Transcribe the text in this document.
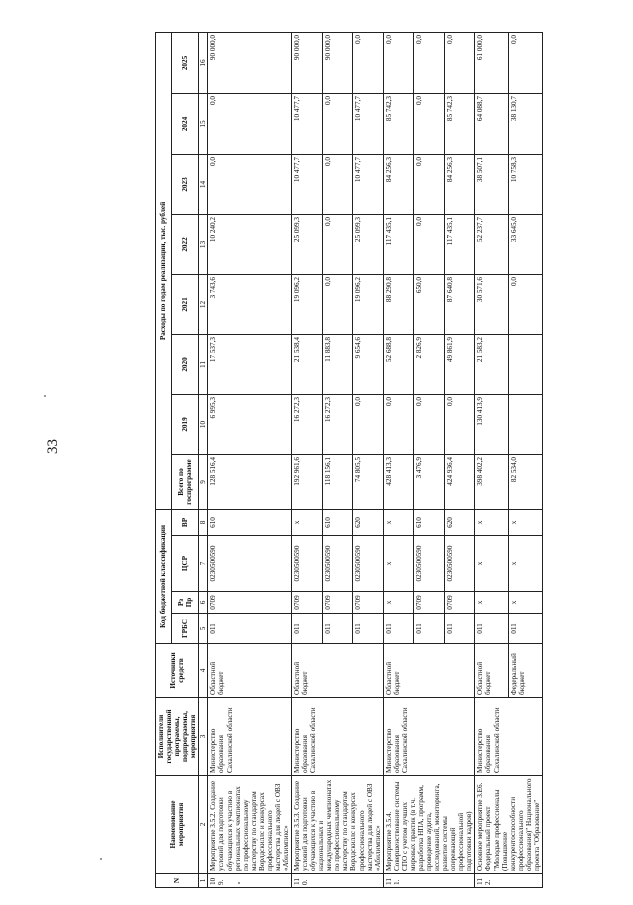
33
N	Наименование мероприятия	Исполнители государственной программы, подпрограммы, мероприятия	Источники средств	Код бюджетной классификации				Расходы по годам реализации, тыс. рублей							
				ГРБС	Рз Пр	ЦСР	ВР	Всего по госпрограмме	2019	2020	2021	2022	2023	2024	2025
1	2	3	4	5	6	7	8	9	10	11	12	13	14	15	16
109.	Мероприятие 3.5.2. Создание условий для подготовки обучающихся к участию в региональных чемпионатах по профессиональному мастерству по стандартам Ворлдскиллс и конкурсах профессионального мастерства для людей с ОВЗ «Абилимпикс»	Министерство образования Сахалинской области	Областной бюджет	011	0709	0230500590	610	128 516,4	6 995,3	17 537,3	3 743,6	10 240,2	0,0	0,0	90 000,0
110.	Мероприятие 3.5.3. Создание условий для подготовки обучающихся к участию в национальных и международных чемпионатах по профессиональному мастерству по стандартам Ворлдскиллс и конкурсах профессионального мастерства для людей с ОВЗ «Абилимпикс»	Министерство образования Сахалинской области	Областной бюджет	011	0709	0230500590	х	192 961,6	16 272,3	21 538,4	19 096,2	25 099,3	10 477,7	10 477,7	90 000,0
				011	0709	0230500590	610	118 156,1	16 272,3	11 883,8	0,0	0,0	0,0	0,0	90 000,0
				011	0709	0230500590	620	74 805,5	0,0	9 654,6	19 096,2	25 099,3	10 477,7	10 477,7	0,0
111.	Мероприятие 3.5.4. Совершенствование системы СПО с учетом лучших мировых практик (в т.ч. разработка НПА, программ, проведение аудита, исследований, мониторинга, развитие системы опережающей профессиональной подготовки кадров)	Министерство образования Сахалинской области	Областной бюджет	011	х	х	х	428 413,3	0,0	52 688,8	88 290,8	117 435,1	84 256,3	85 742,3	0,0
				011	0709	0230500590	610	3 476,9	0,0	2 826,9	650,0	0,0	0,0	0,0	0,0
				011	0709	0230500590	620	424 936,4	0,0	49 861,9	87 640,8	117 435,1	84 256,3	85 742,3	0,0
112.	Основное мероприятие 3.Е6. Федеральный проект "Молодые профессионалы (Повышение конкурентоспособности профессионального образования)" Национального проекта "Образование"	Министерство образования Сахалинской области	Областной бюджет	011	х	х	х	398 402,2	130 413,9	21 583,2	30 571,6	52 237,7	38 507,1	64 088,7	61 000,0
			Федеральный бюджет	011	х	х	х	82 534,0			0,0	33 645,0	10 758,3	38 130,7	0,0
